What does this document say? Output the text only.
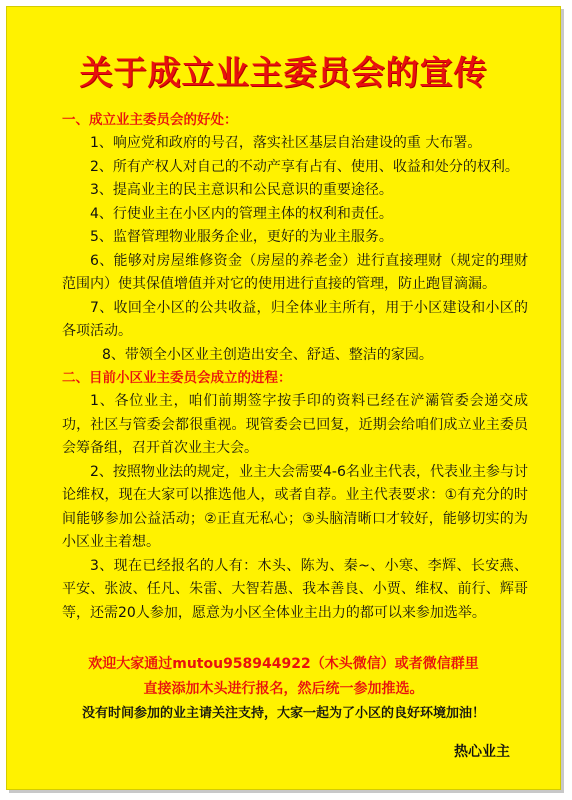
关于成立业主委员会的宣传
一、成立业主委员会的好处：

1、响应党和政府的号召，落实社区基层自治建设的重 大布署。

2、所有产权人对自己的不动产享有占有、使用、收益和处分的权利。

3、提高业主的民主意识和公民意识的重要途径。

4、行使业主在小区内的管理主体的权利和责任。

5、监督管理物业服务企业，更好的为业主服务。

6、能够对房屋维修资金（房屋的养老金）进行直接理财（规定的理财范围内）使其保值增值并对它的使用进行直接的管理，防止跑冒滴漏。

7、收回全小区的公共收益，归全体业主所有，用于小区建设和小区的各项活动。

8、带领全小区业主创造出安全、舒适、整洁的家园。

二、目前小区业主委员会成立的进程：

1、各位业主，咱们前期签字按手印的资料已经在浐灞管委会递交成功，社区与管委会都很重视。现管委会已回复，近期会给咱们成立业主委员会筹备组，召开首次业主大会。

2、按照物业法的规定，业主大会需要4-6名业主代表，代表业主参与讨论维权，现在大家可以推选他人，或者自荐。业主代表要求：①有充分的时间能够参加公益活动；②正直无私心；③头脑清晰口才较好，能够切实的为小区业主着想。

3、现在已经报名的人有：木头、陈为、秦~、小寒、李辉、长安燕、平安、张波、任凡、朱雷、大智若愚、我本善良、小贾、维权、前行、辉哥等，还需20人参加，愿意为小区全体业主出力的都可以来参加选举。

欢迎大家通过mutou958944922（木头微信）或者微信群里
直接添加木头进行报名，然后统一参加推选。
没有时间参加的业主请关注支持，大家一起为了小区的良好环境加油！
热心业主
